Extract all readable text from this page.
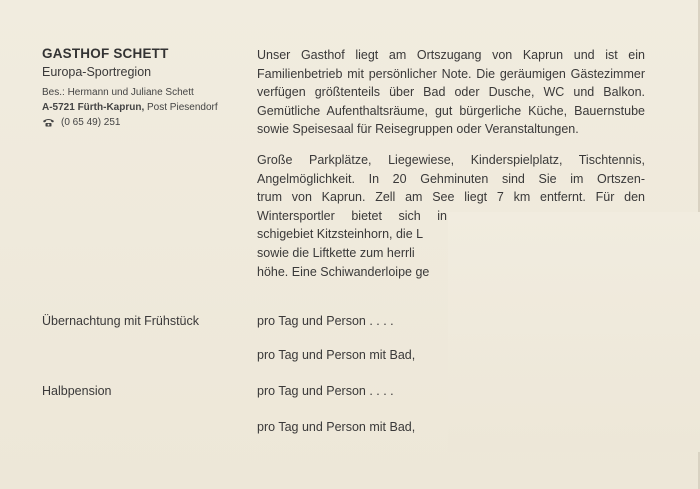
GASTHOF SCHETT
Europa-Sportregion
Bes.: Hermann und Juliane Schett
A-5721 Fürth-Kaprun, Post Piesendorf
(0 65 49) 251

Unser Gasthof liegt am Ortszugang von Kaprun und ist ein Familienbetrieb mit persönlicher Note. Die geräumigen Gästezimmer verfügen größtenteils über Bad oder Dusche, WC und Balkon. Gemütliche Aufenthaltsräume, gut bürgerliche Küche, Bauernstube sowie Speisesaal für Reisegruppen oder Veranstaltungen.

Große Parkplätze, Liegewiese, Kinderspielplatz, Tischtennis,
Angelmöglichkeit. In 20 Gehminuten sind Sie im Ortszen-
trum von Kaprun. Zell am See liegt 7 km entfernt. Für den
Wintersportler bietet sich in
schigebiet Kitzsteinhorn, die L
sowie die Liftkette zum herrli
höhe. Eine Schiwanderloipe ge
Übernachtung mit Frühstück	pro Tag und Person . . . .
pro Tag und Person mit Bad,
Halbpension	pro Tag und Person . . . .
pro Tag und Person mit Bad,
